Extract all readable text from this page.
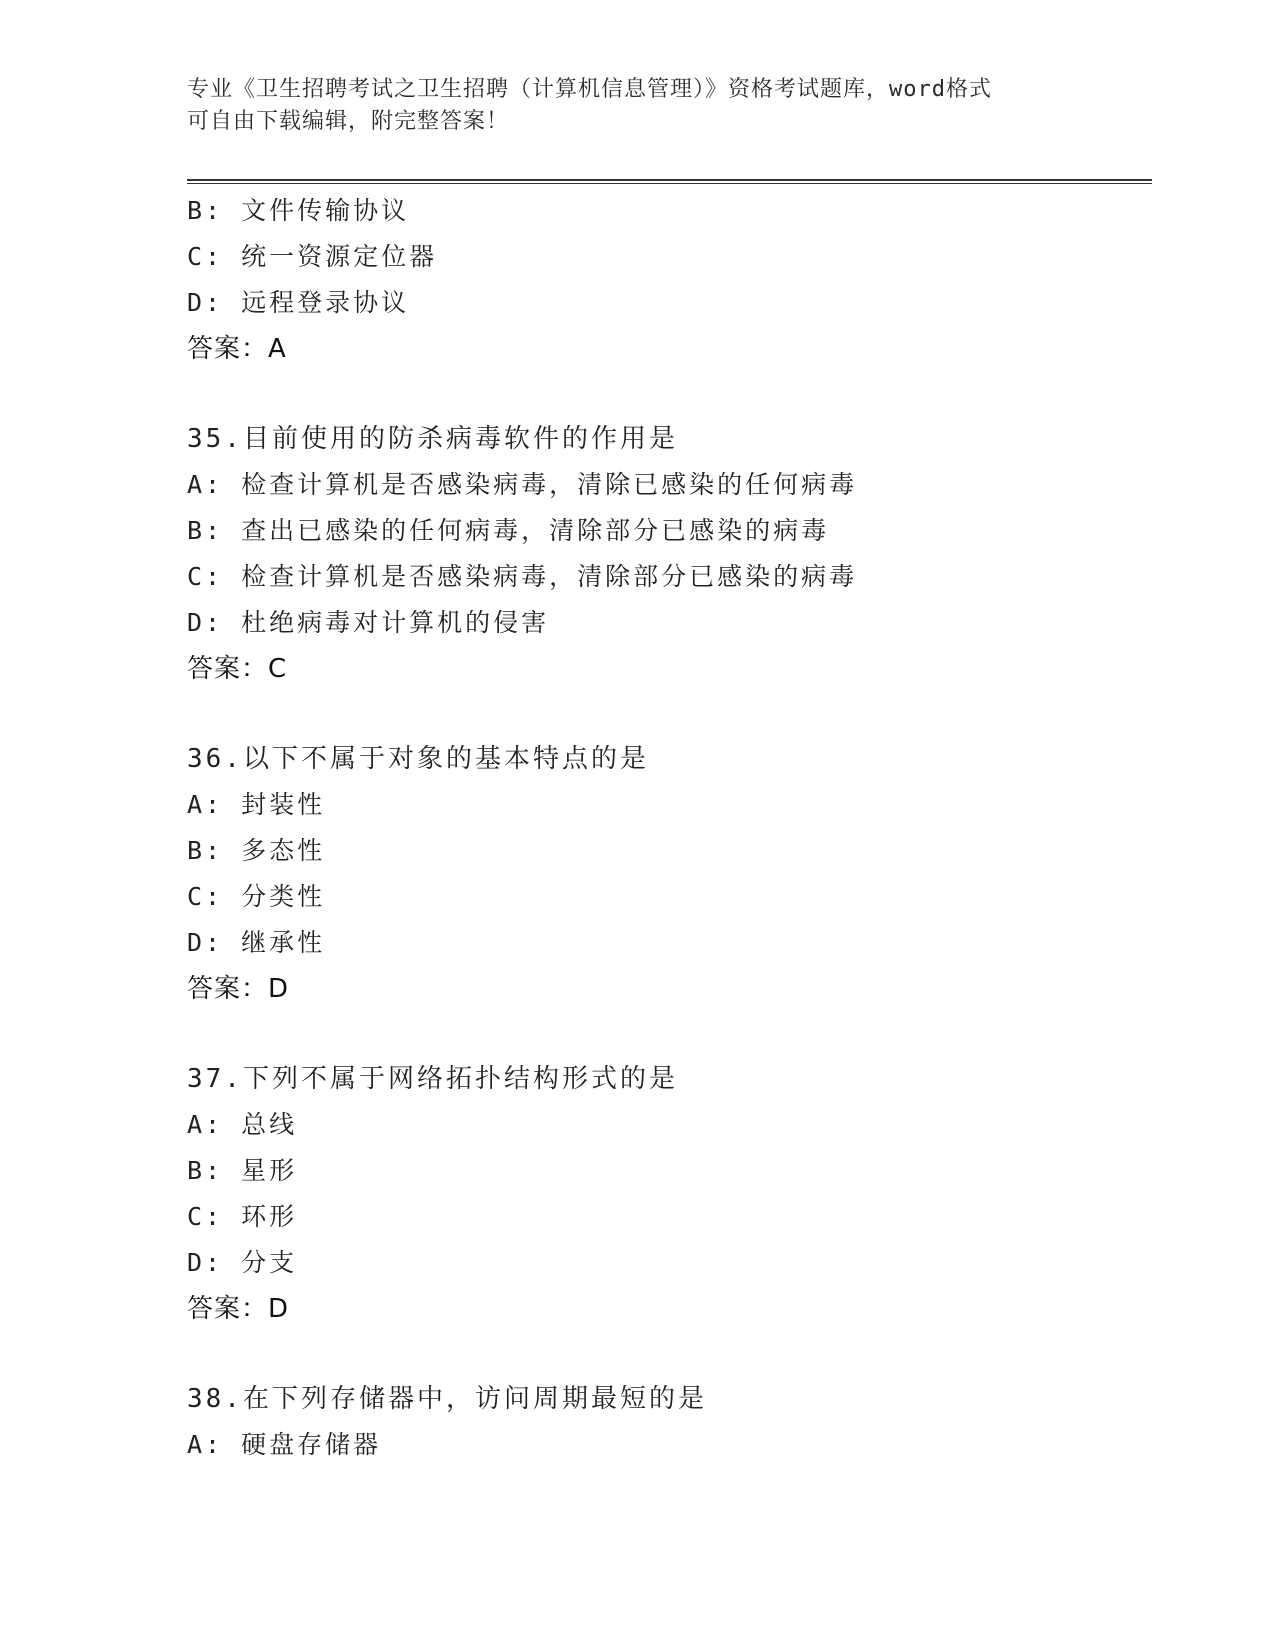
专业《卫生招聘考试之卫生招聘（计算机信息管理）》资格考试题库，word格式
可自由下载编辑，附完整答案！
B: 文件传输协议
C: 统一资源定位器
D: 远程登录协议
答案：A
35.目前使用的防杀病毒软件的作用是
A: 检查计算机是否感染病毒，清除已感染的任何病毒
B: 查出已感染的任何病毒，清除部分已感染的病毒
C: 检查计算机是否感染病毒，清除部分已感染的病毒
D: 杜绝病毒对计算机的侵害
答案：C
36.以下不属于对象的基本特点的是
A: 封装性
B: 多态性
C: 分类性
D: 继承性
答案：D
37.下列不属于网络拓扑结构形式的是
A: 总线
B: 星形
C: 环形
D: 分支
答案：D
38.在下列存储器中，访问周期最短的是
A: 硬盘存储器
